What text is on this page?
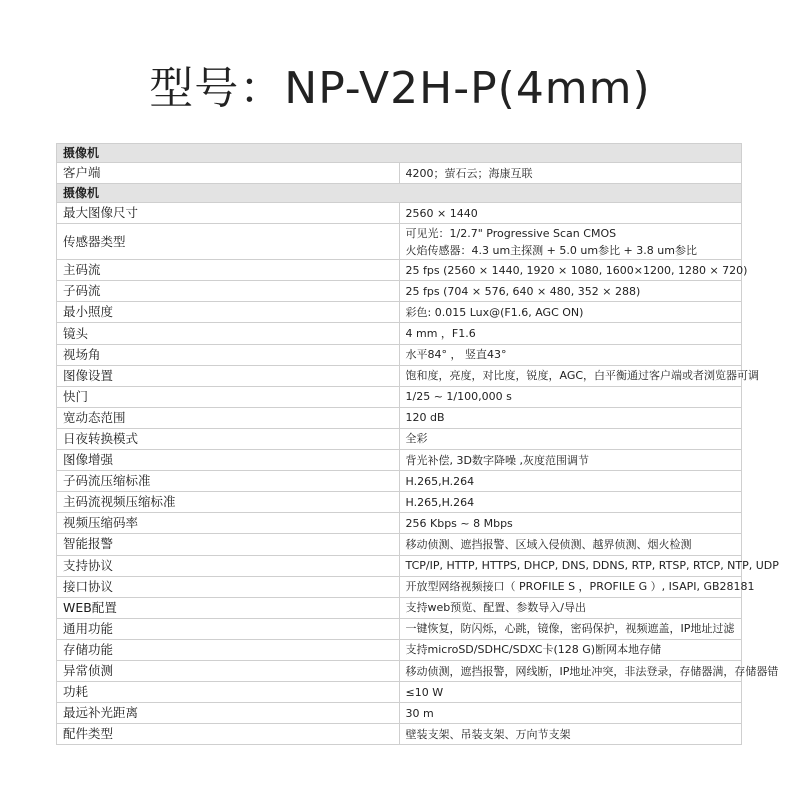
型号：NP-V2H-P(4mm)
摄像机	
客户端	4200；萤石云；海康互联

摄像机	
最大图像尺寸	2560 × 1440

传感器类型	可见光：1/2.7" Progressive Scan CMOS
火焰传感器：4.3 um主探测 + 5.0 um参比 + 3.8 um参比

主码流	25 fps (2560 × 1440, 1920 × 1080, 1600×1200, 1280 × 720)

子码流	25 fps (704 × 576, 640 × 480, 352 × 288)

最小照度	彩色: 0.015 Lux@(F1.6, AGC ON)

镜头	4 mm ，F1.6

视场角	水平84° ， 竖直43°

图像设置	饱和度，亮度，对比度，锐度，AGC，白平衡通过客户端或者浏览器可调

快门	1/25 ~ 1/100,000 s

宽动态范围	120 dB

日夜转换模式	全彩

图像增强	背光补偿, 3D数字降噪 ,灰度范围调节

子码流压缩标准	H.265,H.264

主码流视频压缩标准	H.265,H.264

视频压缩码率	256 Kbps ~ 8 Mbps

智能报警	移动侦测、遮挡报警、区域入侵侦测、越界侦测、烟火检测

支持协议	TCP/IP, HTTP, HTTPS, DHCP, DNS, DDNS, RTP, RTSP, RTCP, NTP, UDP

接口协议	开放型网络视频接口（ PROFILE S ，PROFILE G ）, ISAPI, GB28181

WEB配置	支持web预览、配置、参数导入/导出

通用功能	一键恢复，防闪烁，心跳，镜像，密码保护，视频遮盖，IP地址过滤

存储功能	支持microSD/SDHC/SDXC卡(128 G)断网本地存储

异常侦测	移动侦测，遮挡报警，网线断，IP地址冲突，非法登录，存储器满，存储器错

功耗	≤10 W

最远补光距离	30 m

配件类型	壁装支架、吊装支架、万向节支架
